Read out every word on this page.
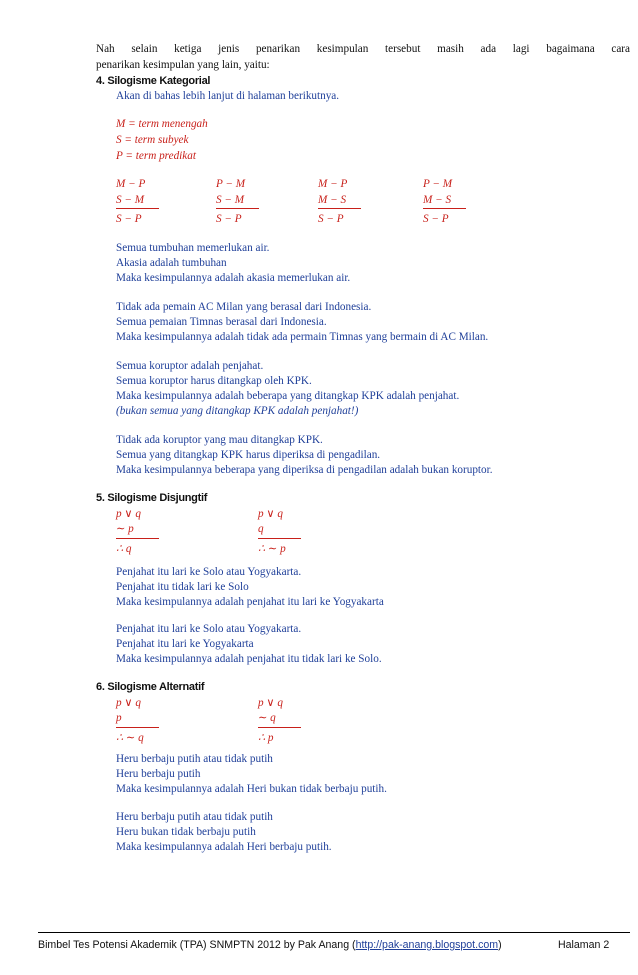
Nah selain ketiga jenis penarikan kesimpulan tersebut masih ada lagi bagaimana cara
penarikan kesimpulan yang lain, yaitu:
4. Silogisme Kategorial
Akan di bahas lebih lanjut di halaman berikutnya.
M = term menengah
S = term subyek
P = term predikat
M − P
S − M
S − P
P − M
S − M
S − P
M − P
M − S
S − P
P − M
M − S
S − P
Semua tumbuhan memerlukan air.
Akasia adalah tumbuhan
Maka kesimpulannya adalah akasia memerlukan air.
Tidak ada pemain AC Milan yang berasal dari Indonesia.
Semua pemaian Timnas berasal dari Indonesia.
Maka kesimpulannya adalah tidak ada permain Timnas yang bermain di AC Milan.
Semua koruptor adalah penjahat.
Semua koruptor harus ditangkap oleh KPK.
Maka kesimpulannya adalah beberapa yang ditangkap KPK adalah penjahat.
(bukan semua yang ditangkap KPK adalah penjahat!)
Tidak ada koruptor yang mau ditangkap KPK.
Semua yang ditangkap KPK harus diperiksa di pengadilan.
Maka kesimpulannya beberapa yang diperiksa di pengadilan adalah bukan koruptor.
5. Silogisme Disjungtif
p ∨ q
∼ p
∴ q
p ∨ q
q
∴ ∼ p
Penjahat itu lari ke Solo atau Yogyakarta.
Penjahat itu tidak lari ke Solo
Maka kesimpulannya adalah penjahat itu lari ke Yogyakarta
Penjahat itu lari ke Solo atau Yogyakarta.
Penjahat itu lari ke Yogyakarta
Maka kesimpulannya adalah penjahat itu tidak lari ke Solo.
6. Silogisme Alternatif
p ∨ q
p
∴ ∼ q
p ∨ q
∼ q
∴ p
Heru berbaju putih atau tidak putih
Heru berbaju putih
Maka kesimpulannya adalah Heri bukan tidak berbaju putih.
Heru berbaju putih atau tidak putih
Heru bukan tidak berbaju putih
Maka kesimpulannya adalah Heri berbaju putih.
Bimbel Tes Potensi Akademik (TPA) SNMPTN 2012 by Pak Anang (http://pak-anang.blogspot.com)	Halaman 2
